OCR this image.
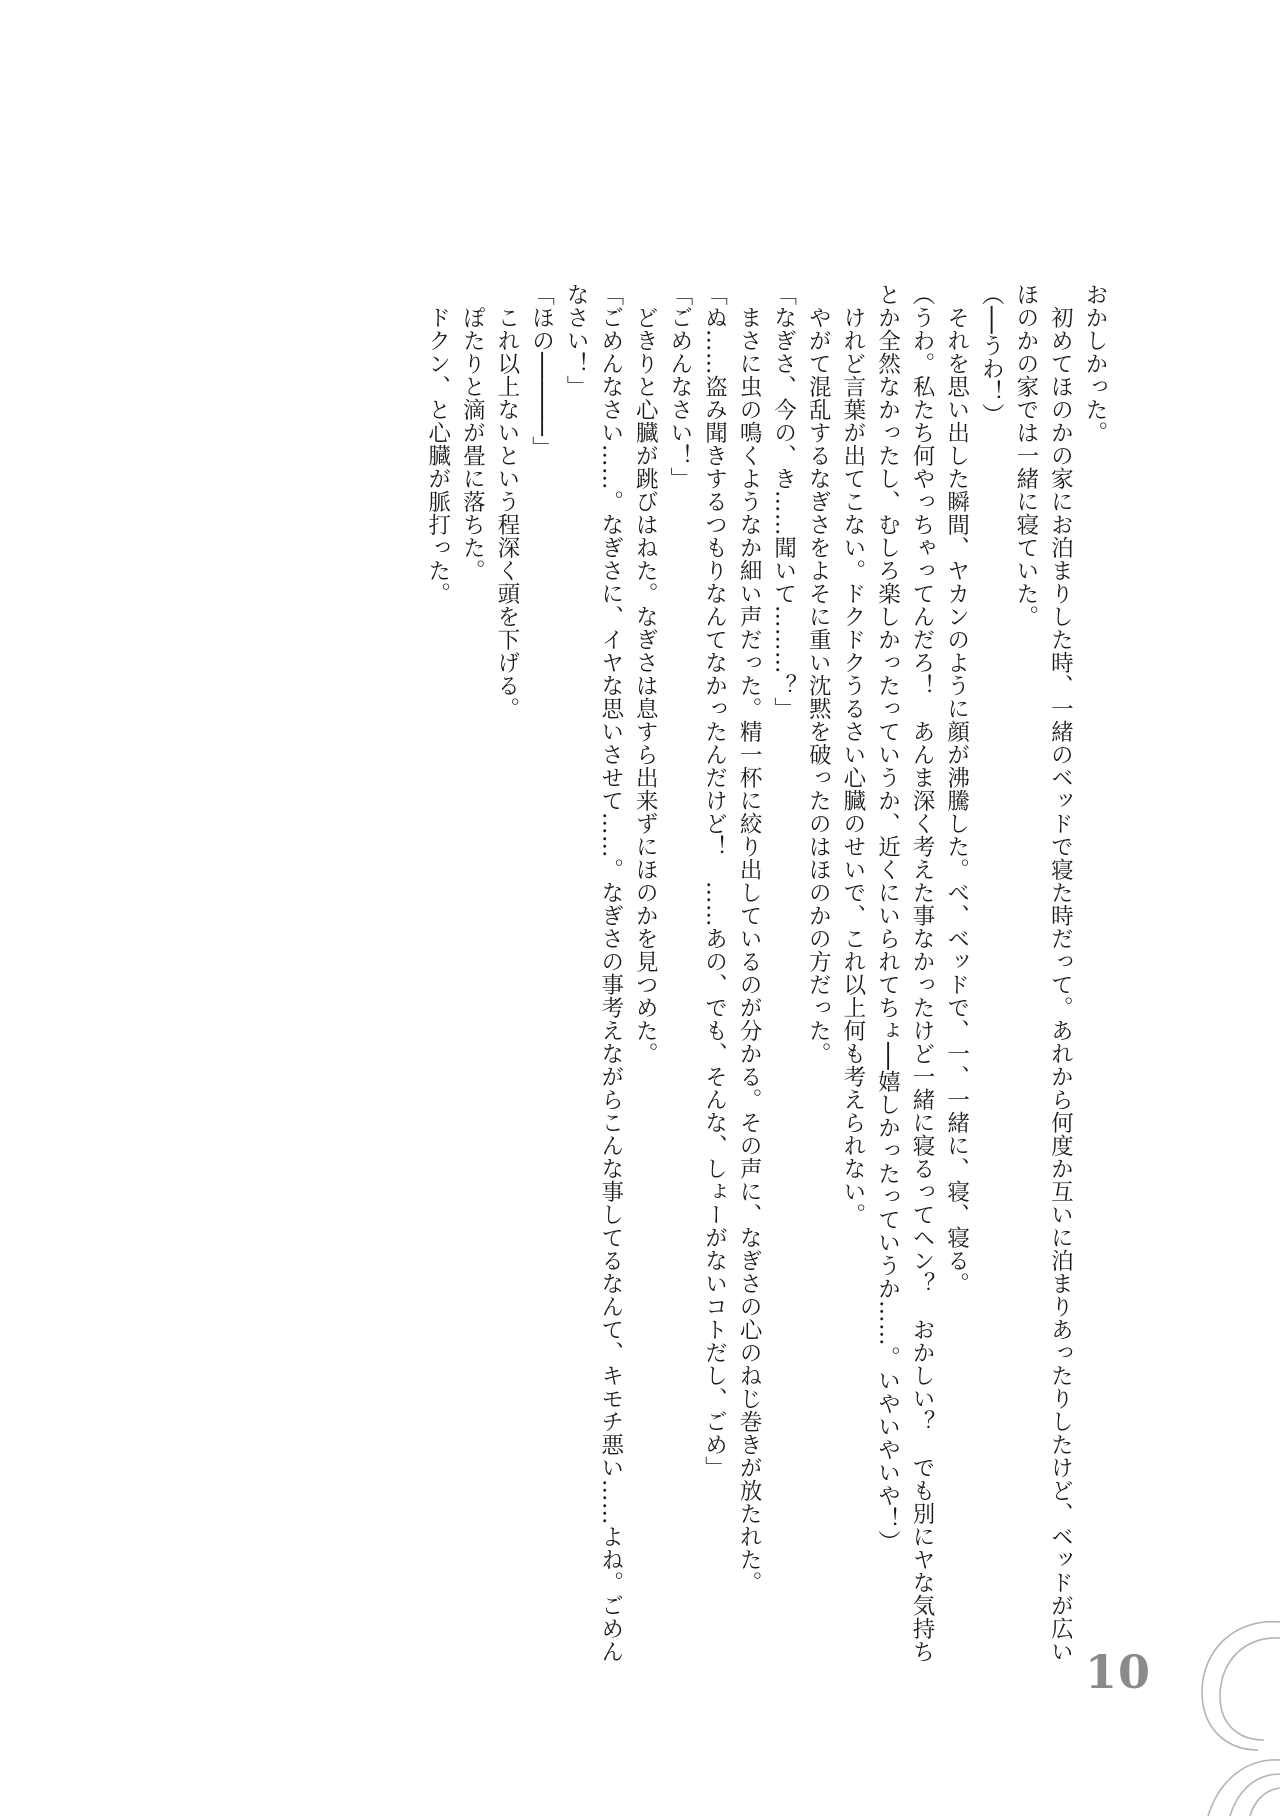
おかしかった。

　初めてほのかの家にお泊まりした時、一緒のベッドで寝た時だって。あれから何度か互いに泊まりあったりしたけど、ベッドが広いほのかの家では一緒に寝ていた。

（──うわ！）

　それを思い出した瞬間、ヤカンのように顔が沸騰した。べ、ベッドで、一、一緒に、寝、寝る。

（うわ。私たち何やっちゃってんだろ！　あんま深く考えた事なかったけど一緒に寝るってヘン？　おかしい？　でも別にヤな気持ちとか全然なかったし、むしろ楽しかったっていうか、近くにいられてちょ──嬉しかったっていうか……。いやいやいや！）

　けれど言葉が出てこない。ドクドクうるさい心臓のせいで、これ以上何も考えられない。

　やがて混乱するなぎさをよそに重い沈黙を破ったのはほのかの方だった。

「なぎさ、今の、き……聞いて………？」

　まさに虫の鳴くようなか細い声だった。精一杯に絞り出しているのが分かる。その声に、なぎさの心のねじ巻きが放たれた。

「ぬ……盗み聞きするつもりなんてなかったんだけど！　……あの、でも、そんな、しょーがないコトだし、ごめ」

「ごめんなさい！」

　どきりと心臓が跳びはねた。なぎさは息すら出来ずにほのかを見つめた。

「ごめんなさい……。なぎさに、イヤな思いさせて……。なぎさの事考えながらこんな事してるなんて、キモチ悪い……よね。ごめんなさい！」

「ほの──────」

　これ以上ないという程深く頭を下げる。

　ぽたりと滴が畳に落ちた。

　ドクン、と心臓が脈打った。

10
